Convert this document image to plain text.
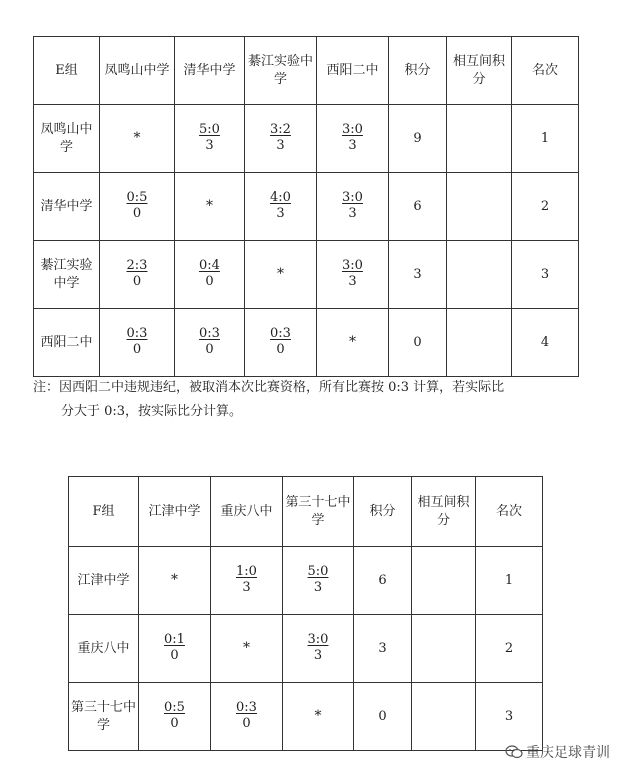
E组	凤鸣山中学	清华中学	綦江实验中学	西阳二中	积分	相互间积分	名次
凤鸣山中学	*	$\frac{5:0}{3}$	$\frac{3:2}{3}$	$\frac{3:0}{3}$	9		1
清华中学	$\frac{0:5}{0}$	*	$\frac{4:0}{3}$	$\frac{3:0}{3}$	6		2
綦江实验中学	$\frac{2:3}{0}$	$\frac{0:4}{0}$	*	$\frac{3:0}{3}$	3		3
西阳二中	$\frac{0:3}{0}$	$\frac{0:3}{0}$	$\frac{0:3}{0}$	*	0		4
注：因西阳二中违规违纪，被取消本次比赛资格，所有比赛按 0:3 计算，若实际比
分大于 0:3，按实际比分计算。
F组	江津中学	重庆八中	第三十七中学	积分	相互间积分	名次
江津中学	*	$\frac{1:0}{3}$	$\frac{5:0}{3}$	6		1
重庆八中	$\frac{0:1}{0}$	*	$\frac{3:0}{3}$	3		2
第三十七中学	$\frac{0:5}{0}$	$\frac{0:3}{0}$	*	0		3
重庆足球青训
